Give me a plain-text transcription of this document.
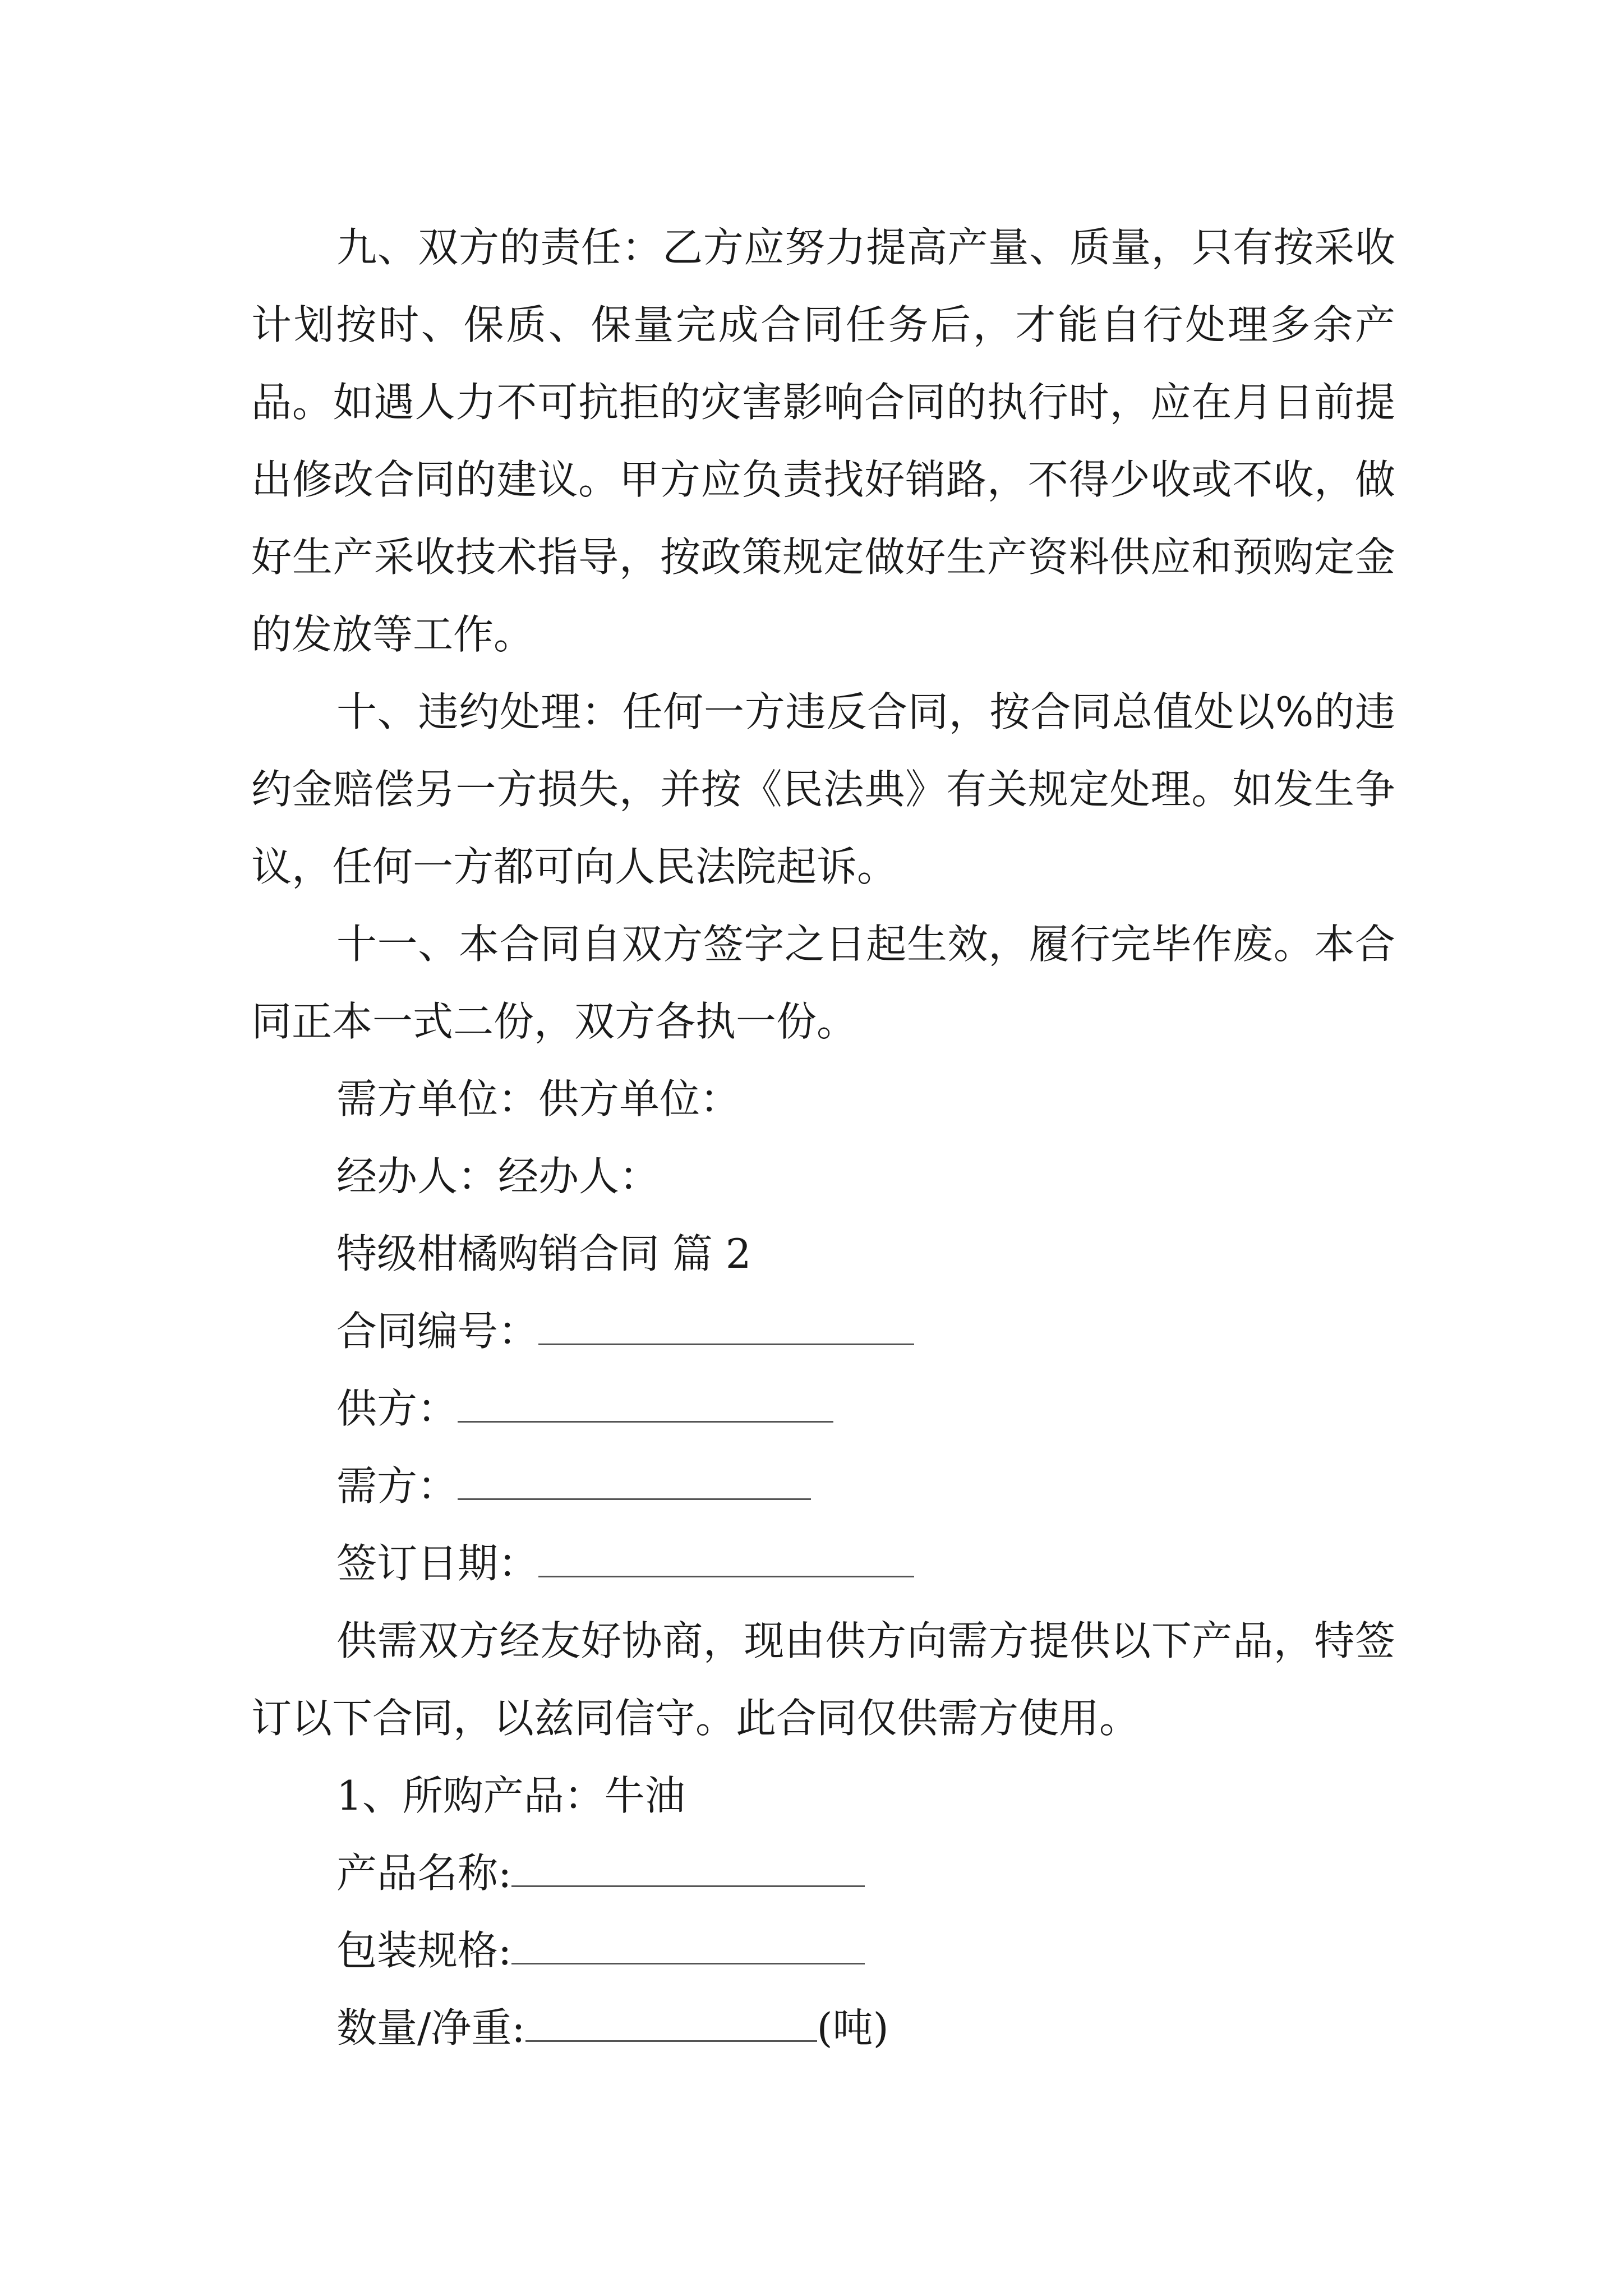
九、双方的责任：乙方应努力提高产量、质量，只有按采收计划按时、保质、保量完成合同任务后，才能自行处理多余产品。如遇人力不可抗拒的灾害影响合同的执行时，应在月日前提出修改合同的建议。甲方应负责找好销路，不得少收或不收，做好生产采收技术指导，按政策规定做好生产资料供应和预购定金的发放等工作。

十、违约处理：任何一方违反合同，按合同总值处以%的违约金赔偿另一方损失，并按《民法典》有关规定处理。如发生争议，任何一方都可向人民法院起诉。

十一、本合同自双方签字之日起生效，履行完毕作废。本合同正本一式二份，双方各执一份。

需方单位：供方单位：

经办人：经办人：

特级柑橘购销合同 篇 2

合同编号：

供方：

需方：

签订日期：

供需双方经友好协商，现由供方向需方提供以下产品，特签订以下合同，以兹同信守。此合同仅供需方使用。

1、所购产品：牛油

产品名称:

包装规格:

数量/净重:	(吨)
